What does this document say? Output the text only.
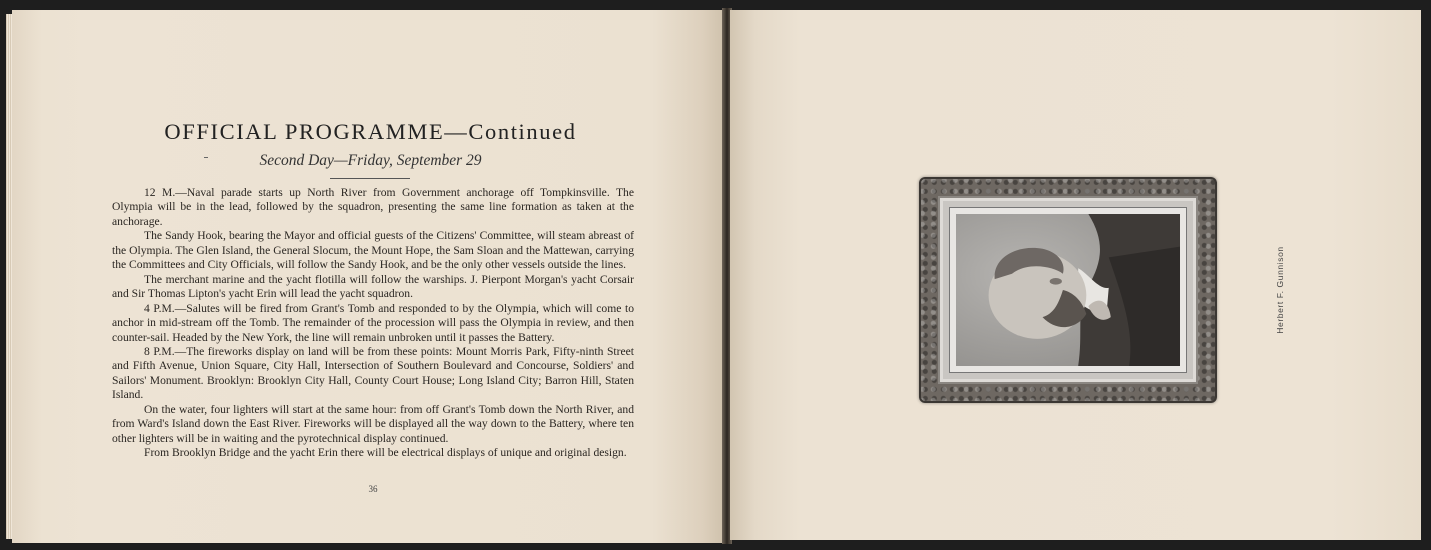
OFFICIAL PROGRAMME—Continued
Second Day—Friday, September 29

12 M.—Naval parade starts up North River from Government anchorage off Tompkinsville. The Olympia will be in the lead, followed by the squadron, presenting the same line formation as taken at the anchorage.

The Sandy Hook, bearing the Mayor and official guests of the Citizens' Committee, will steam abreast of the Olympia. The Glen Island, the General Slocum, the Mount Hope, the Sam Sloan and the Mattewan, carrying the Committees and City Officials, will follow the Sandy Hook, and be the only other vessels outside the lines.

The merchant marine and the yacht flotilla will follow the warships. J. Pierpont Morgan's yacht Corsair and Sir Thomas Lipton's yacht Erin will lead the yacht squadron.

4 P.M.—Salutes will be fired from Grant's Tomb and responded to by the Olympia, which will come to anchor in mid-stream off the Tomb. The remainder of the procession will pass the Olympia in review, and then counter-sail. Headed by the New York, the line will remain unbroken until it passes the Battery.

8 P.M.—The fireworks display on land will be from these points: Mount Morris Park, Fifty-ninth Street and Fifth Avenue, Union Square, City Hall, Intersection of Southern Boulevard and Concourse, Soldiers' and Sailors' Monument. Brooklyn: Brooklyn City Hall, County Court House; Long Island City; Barron Hill, Staten Island.

On the water, four lighters will start at the same hour: from off Grant's Tomb down the North River, and from Ward's Island down the East River. Fireworks will be displayed all the way down to the Battery, where ten other lighters will be in waiting and the pyrotechnical display continued.

From Brooklyn Bridge and the yacht Erin there will be electrical displays of unique and original design.

36
Herbert F. Gunnison
